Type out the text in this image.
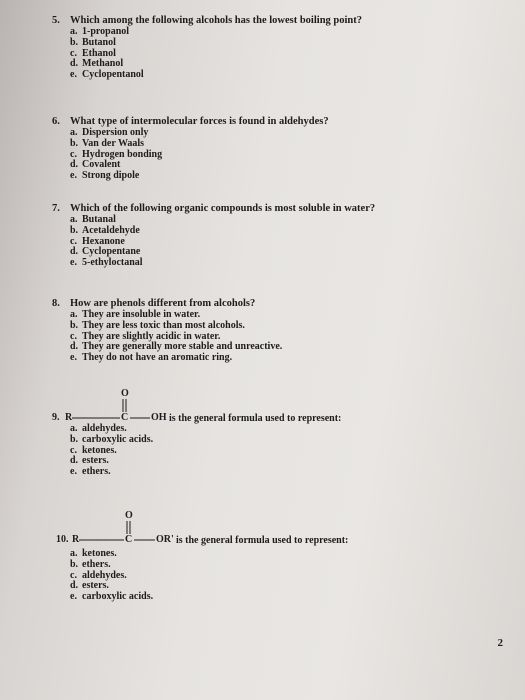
5. Which among the following alcohols has the lowest boiling point?
a. 1-propanol
b. Butanol
c. Ethanol
d. Methanol
e. Cyclopentanol
6. What type of intermolecular forces is found in aldehydes?
a. Dispersion only
b. Van der Waals
c. Hydrogen bonding
d. Covalent
e. Strong dipole
7. Which of the following organic compounds is most soluble in water?
a. Butanal
b. Acetaldehyde
c. Hexanone
d. Cyclopentane
e. 5-ethyloctanal
8. How are phenols different from alcohols?
a. They are insoluble in water.
b. They are less toxic than most alcohols.
c. They are slightly acidic in water.
d. They are generally more stable and unreactive.
e. They do not have an aromatic ring.
9. R
O
C OH is the general formula used to represent:
a. aldehydes.
b. carboxylic acids.
c. ketones.
d. esters.
e. ethers.
10. R
O
C OR' is the general formula used to represent:
a. ketones.
b. ethers.
c. aldehydes.
d. esters.
e. carboxylic acids.
2
